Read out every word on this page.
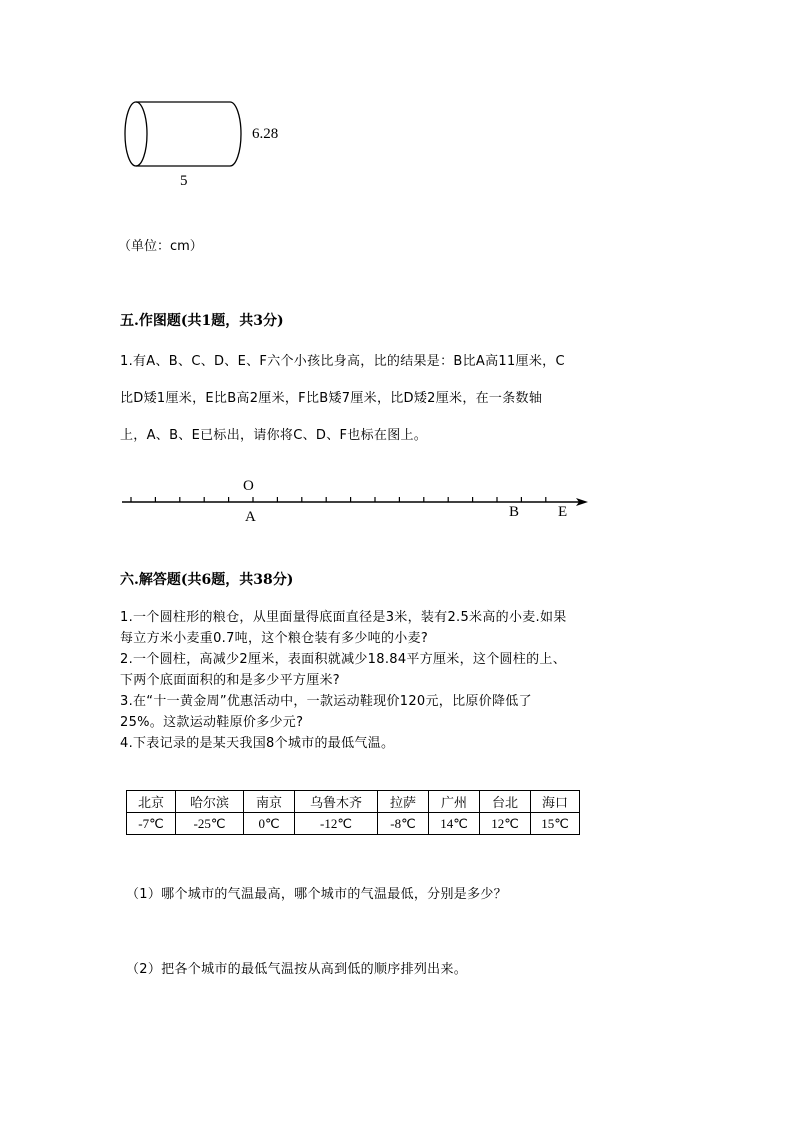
6.28
5
（单位：cm）
五.作图题(共1题，共3分)
1.有A、B、C、D、E、F六个小孩比身高，比的结果是：B比A高11厘米，C
比D矮1厘米，E比B高2厘米，F比B矮7厘米，比D矮2厘米，在一条数轴
上，A、B、E已标出，请你将C、D、F也标在图上。
O
A	B	E
六.解答题(共6题，共38分)
1.一个圆柱形的粮仓，从里面量得底面直径是3米，装有2.5米高的小麦.如果
每立方米小麦重0.7吨，这个粮仓装有多少吨的小麦?
2.一个圆柱，高减少2厘米，表面积就减少18.84平方厘米，这个圆柱的上、
下两个底面面积的和是多少平方厘米?
3.在“十一黄金周”优惠活动中，一款运动鞋现价120元，比原价降低了
25%。这款运动鞋原价多少元?
4.下表记录的是某天我国8个城市的最低气温。
北京	哈尔滨	南京	乌鲁木齐	拉萨	广州	台北	海口
-7℃	-25℃	0℃	-12℃	-8℃	14℃	12℃	15℃
（1）哪个城市的气温最高，哪个城市的气温最低，分别是多少？
（2）把各个城市的最低气温按从高到低的顺序排列出来。
